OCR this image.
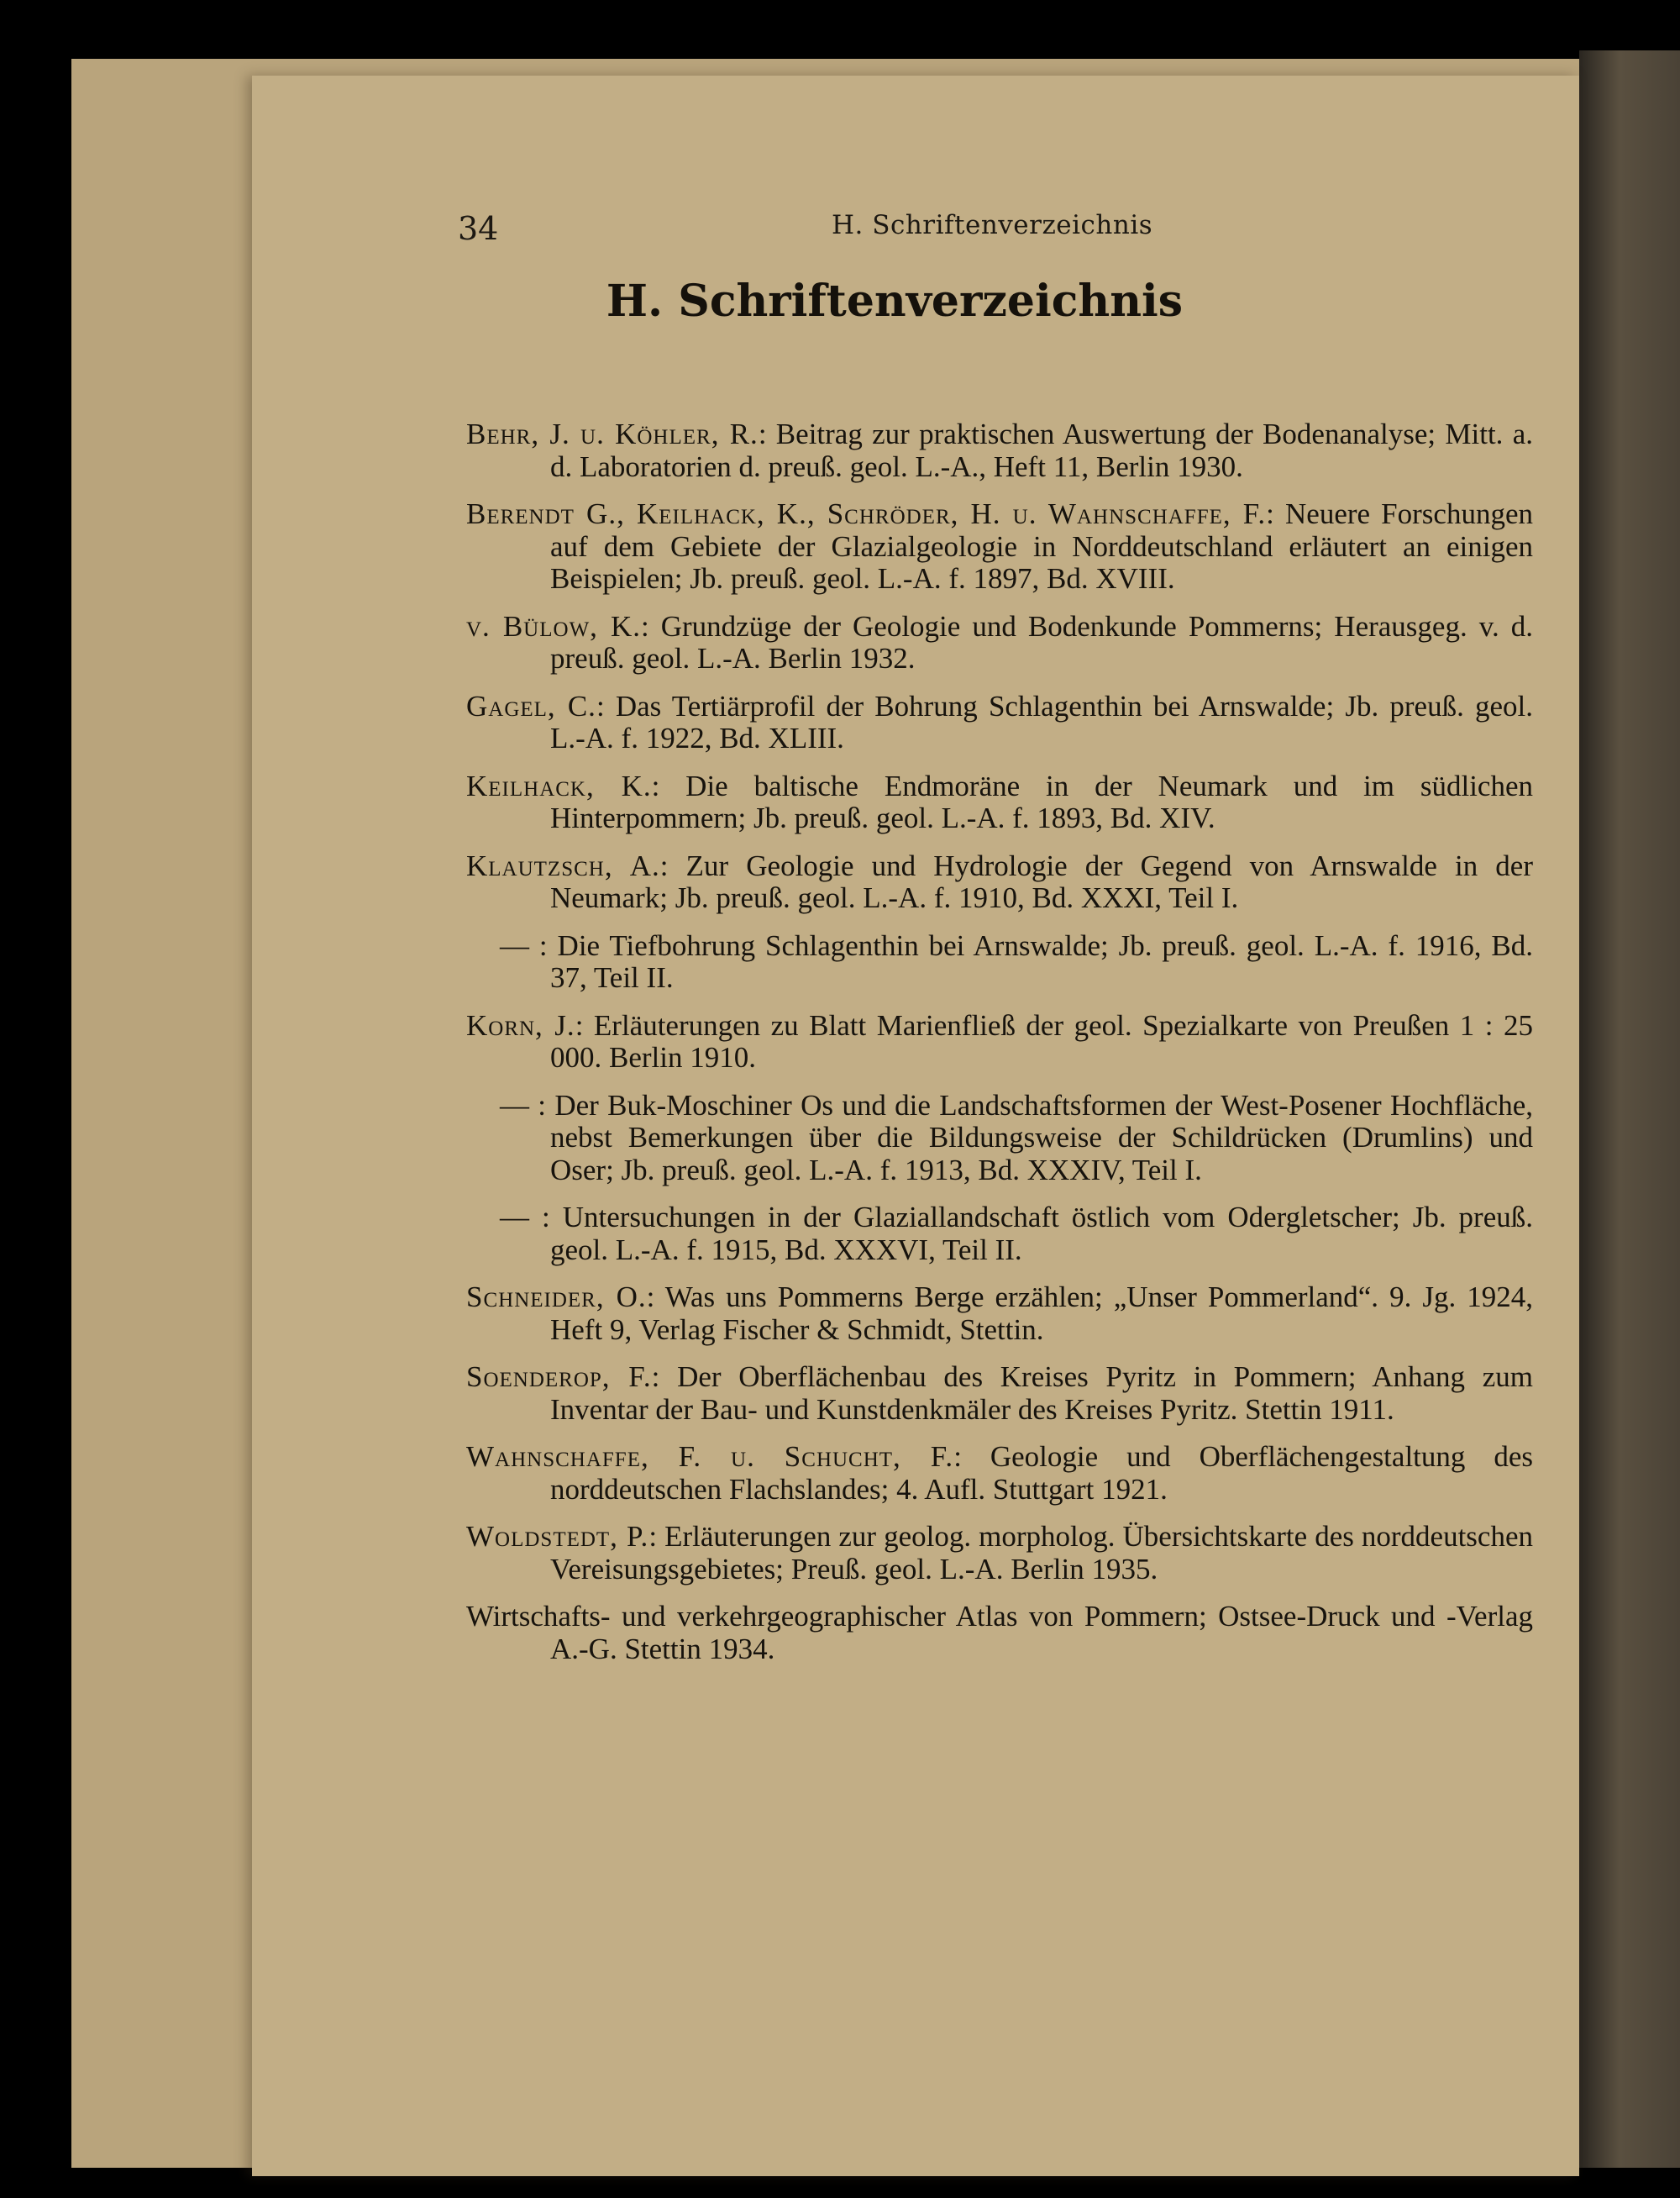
34	H. Schriftenverzeichnis
H. Schriftenverzeichnis
Behr, J. u. Köhler, R.: Beitrag zur praktischen Auswertung der Bodenanalyse; Mitt. a. d. Laboratorien d. preuß. geol. L.-A., Heft 11, Berlin 1930.
Berendt G., Keilhack, K., Schröder, H. u. Wahnschaffe, F.: Neuere Forschungen auf dem Gebiete der Glazialgeologie in Norddeutschland erläutert an einigen Beispielen; Jb. preuß. geol. L.-A. f. 1897, Bd. XVIII.
v. Bülow, K.: Grundzüge der Geologie und Bodenkunde Pommerns; Herausgeg. v. d. preuß. geol. L.-A. Berlin 1932.
Gagel, C.: Das Tertiärprofil der Bohrung Schlagenthin bei Arnswalde; Jb. preuß. geol. L.-A. f. 1922, Bd. XLIII.
Keilhack, K.: Die baltische Endmoräne in der Neumark und im südlichen Hinterpommern; Jb. preuß. geol. L.-A. f. 1893, Bd. XIV.
Klautzsch, A.: Zur Geologie und Hydrologie der Gegend von Arnswalde in der Neumark; Jb. preuß. geol. L.-A. f. 1910, Bd. XXXI, Teil I.
— : Die Tiefbohrung Schlagenthin bei Arnswalde; Jb. preuß. geol. L.-A. f. 1916, Bd. 37, Teil II.
Korn, J.: Erläuterungen zu Blatt Marienfließ der geol. Spezialkarte von Preußen 1 : 25 000. Berlin 1910.
— : Der Buk-Moschiner Os und die Landschaftsformen der West-Posener Hochfläche, nebst Bemerkungen über die Bildungsweise der Schildrücken (Drumlins) und Oser; Jb. preuß. geol. L.-A. f. 1913, Bd. XXXIV, Teil I.
— : Untersuchungen in der Glaziallandschaft östlich vom Odergletscher; Jb. preuß. geol. L.-A. f. 1915, Bd. XXXVI, Teil II.
Schneider, O.: Was uns Pommerns Berge erzählen; „Unser Pommerland“. 9. Jg. 1924, Heft 9, Verlag Fischer & Schmidt, Stettin.
Soenderop, F.: Der Oberflächenbau des Kreises Pyritz in Pommern; Anhang zum Inventar der Bau- und Kunstdenkmäler des Kreises Pyritz. Stettin 1911.
Wahnschaffe, F. u. Schucht, F.: Geologie und Oberflächengestaltung des norddeutschen Flachslandes; 4. Aufl. Stuttgart 1921.
Woldstedt, P.: Erläuterungen zur geolog. morpholog. Übersichtskarte des norddeutschen Vereisungsgebietes; Preuß. geol. L.-A. Berlin 1935.
Wirtschafts- und verkehrgeographischer Atlas von Pommern; Ostsee-Druck und -Verlag A.-G. Stettin 1934.
